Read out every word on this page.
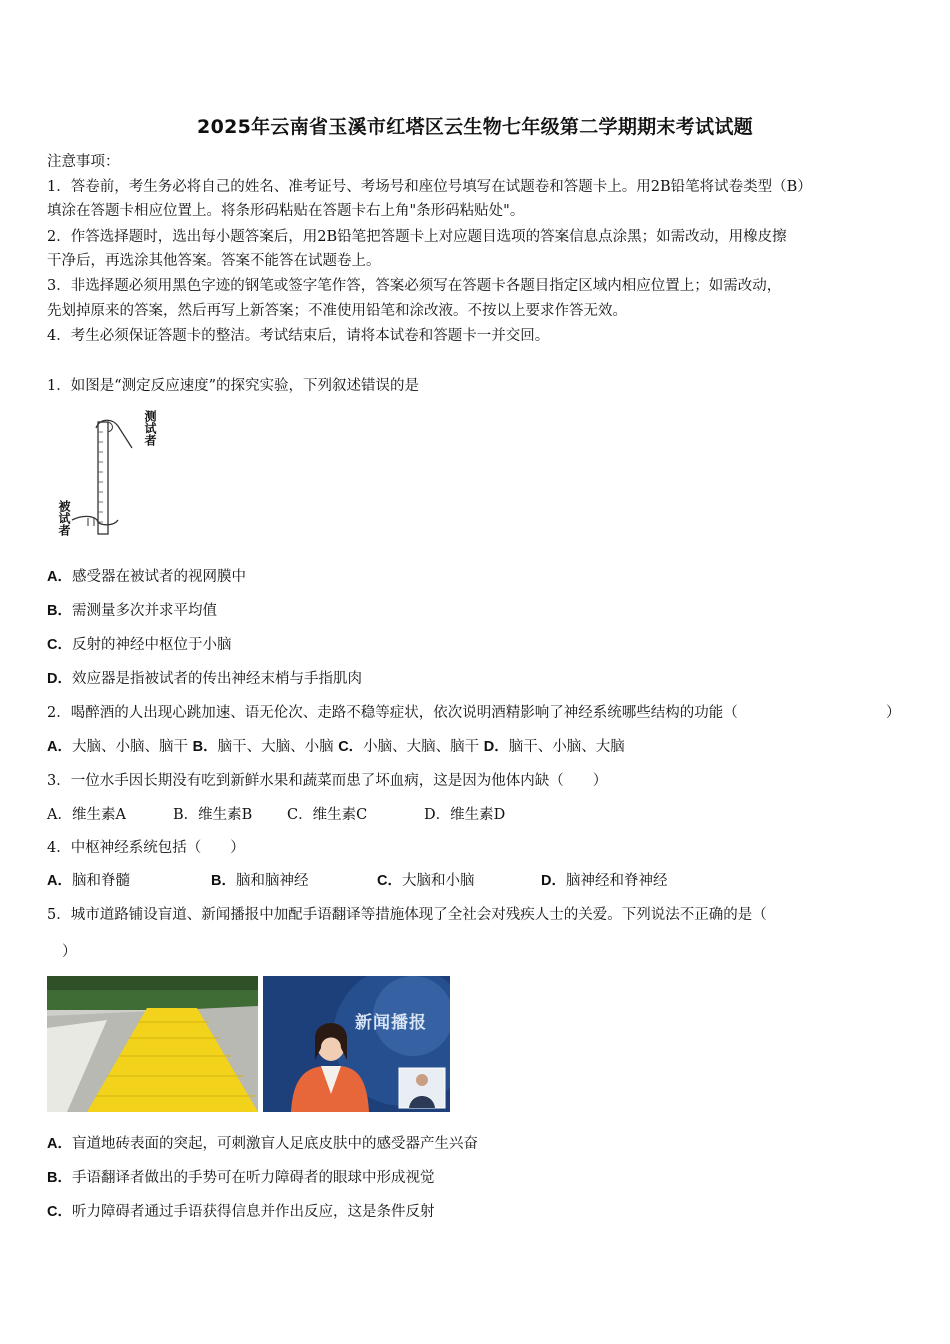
2025年云南省玉溪市红塔区云生物七年级第二学期期末考试试题
注意事项：
1．答卷前，考生务必将自己的姓名、准考证号、考场号和座位号填写在试题卷和答题卡上。用2B铅笔将试卷类型（B）
填涂在答题卡相应位置上。将条形码粘贴在答题卡右上角"条形码粘贴处"。
2．作答选择题时，选出每小题答案后，用2B铅笔把答题卡上对应题目选项的答案信息点涂黑；如需改动，用橡皮擦
干净后，再选涂其他答案。答案不能答在试题卷上。
3．非选择题必须用黑色字迹的钢笔或签字笔作答，答案必须写在答题卡各题目指定区域内相应位置上；如需改动，
先划掉原来的答案，然后再写上新答案；不准使用铅笔和涂改液。不按以上要求作答无效。
4．考生必须保证答题卡的整洁。考试结束后，请将本试卷和答题卡一并交回。
1．如图是“测定反应速度”的探究实验，下列叙述错误的是
测试者
被试者
A．感受器在被试者的视网膜中
B．需测量多次并求平均值
C．反射的神经中枢位于小脑
D．效应器是指被试者的传出神经末梢与手指肌肉
2．喝醉酒的人出现心跳加速、语无伦次、走路不稳等症状，依次说明酒精影响了神经系统哪些结构的功能（	）
A．大脑、小脑、脑干 B．脑干、大脑、小脑 C．小脑、大脑、脑干 D．脑干、小脑、大脑
3．一位水手因长期没有吃到新鲜水果和蔬菜而患了坏血病，这是因为他体内缺（　　）
A．维生素A	B．维生素B C．维生素C	D．维生素D
4．中枢神经系统包括（　　）
A．脑和脊髓	B．脑和脑神经	C．大脑和小脑	D．脑神经和脊神经
5．城市道路铺设盲道、新闻播报中加配手语翻译等措施体现了全社会对残疾人士的关爱。下列说法不正确的是（
）
新闻播报
A．盲道地砖表面的突起，可刺激盲人足底皮肤中的感受器产生兴奋
B．手语翻译者做出的手势可在听力障碍者的眼球中形成视觉
C．听力障碍者通过手语获得信息并作出反应，这是条件反射
